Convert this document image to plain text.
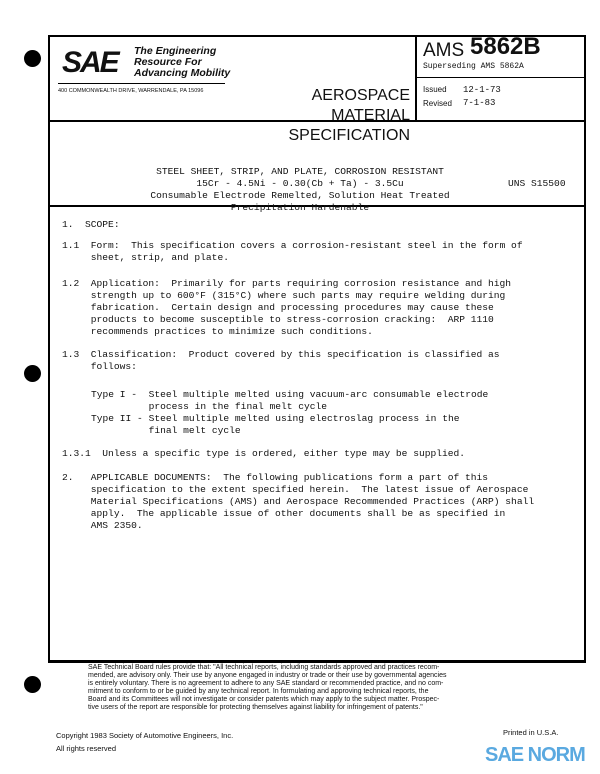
SAE The Engineering
Resource For
Advancing Mobility
400 COMMONWEALTH DRIVE, WARRENDALE, PA 15096

	AEROSPACE
MATERIAL
SPECIFICATION

AMS 5862B
Superseding AMS 5862A
Issued 12-1-73
Revised 7-1-83

STEEL SHEET, STRIP, AND PLATE, CORROSION RESISTANT
15Cr - 4.5Ni - 0.30(Cb + Ta) - 3.5Cu
Consumable Electrode Remelted, Solution Heat Treated
Precipitation Hardenable

UNS S15500
1.  SCOPE:
1.1  Form:  This specification covers a corrosion-resistant steel in the form of
sheet, strip, and plate.
1.2  Application:  Primarily for parts requiring corrosion resistance and high
strength up to 600°F (315°C) where such parts may require welding during
fabrication.  Certain design and processing procedures may cause these
products to become susceptible to stress-corrosion cracking:  ARP 1110
recommends practices to minimize such conditions.
1.3  Classification:  Product covered by this specification is classified as
follows:
Type I -  Steel multiple melted using vacuum-arc consumable electrode
process in the final melt cycle
Type II - Steel multiple melted using electroslag process in the
final melt cycle
1.3.1  Unless a specific type is ordered, either type may be supplied.
2.   APPLICABLE DOCUMENTS:  The following publications form a part of this
specification to the extent specified herein.  The latest issue of Aerospace
Material Specifications (AMS) and Aerospace Recommended Practices (ARP) shall
apply.  The applicable issue of other documents shall be as specified in
AMS 2350.
SAE Technical Board rules provide that: "All technical reports, including standards approved and practices recom-
mended, are advisory only. Their use by anyone engaged in industry or trade or their use by governmental agencies
is entirely voluntary. There is no agreement to adhere to any SAE standard or recommended practice, and no com-
mitment to conform to or be guided by any technical report. In formulating and approving technical reports, the
Board and its Committees will not investigate or consider patents which may apply to the subject matter. Prospec-
tive users of the report are responsible for protecting themselves against liability for infringement of patents."
Copyright 1983 Society of Automotive Engineers, Inc.
All rights reserved
Printed in U.S.A.
SAE NORM
